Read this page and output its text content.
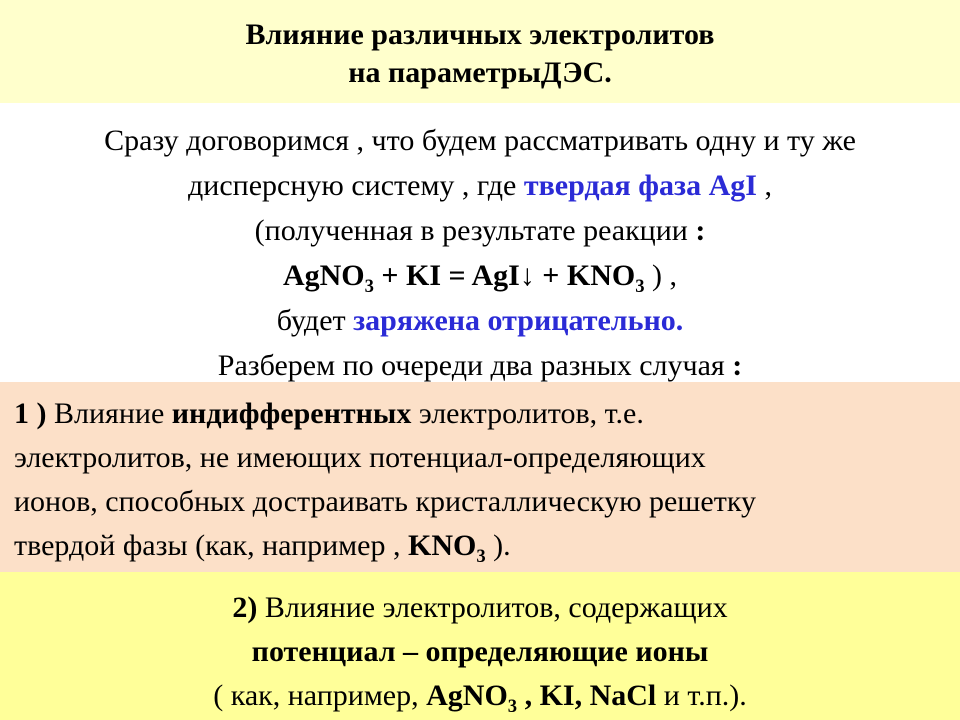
Влияние различных электролитов
на параметрыДЭС.
Сразу договоримся , что будем рассматривать одну и ту же
дисперсную систему , где твердая фаза AgI ,
(полученная в результате реакции :
AgNO$_3$ + KI = AgI↓ + $KNO_3$ ) ,
будет заряжена отрицательно.
Разберем по очереди два разных случая :
1 ) Влияние индифферентных электролитов, т.е.
электролитов, не имеющих потенциал-определяющих
ионов, способных достраивать кристаллическую решетку
твердой фазы (как, например , $KNO_3$ ).
2) Влияние электролитов, содержащих
потенциал – определяющие ионы
( как, например, AgNO$_3$ , KI, NaCl и т.п.).
